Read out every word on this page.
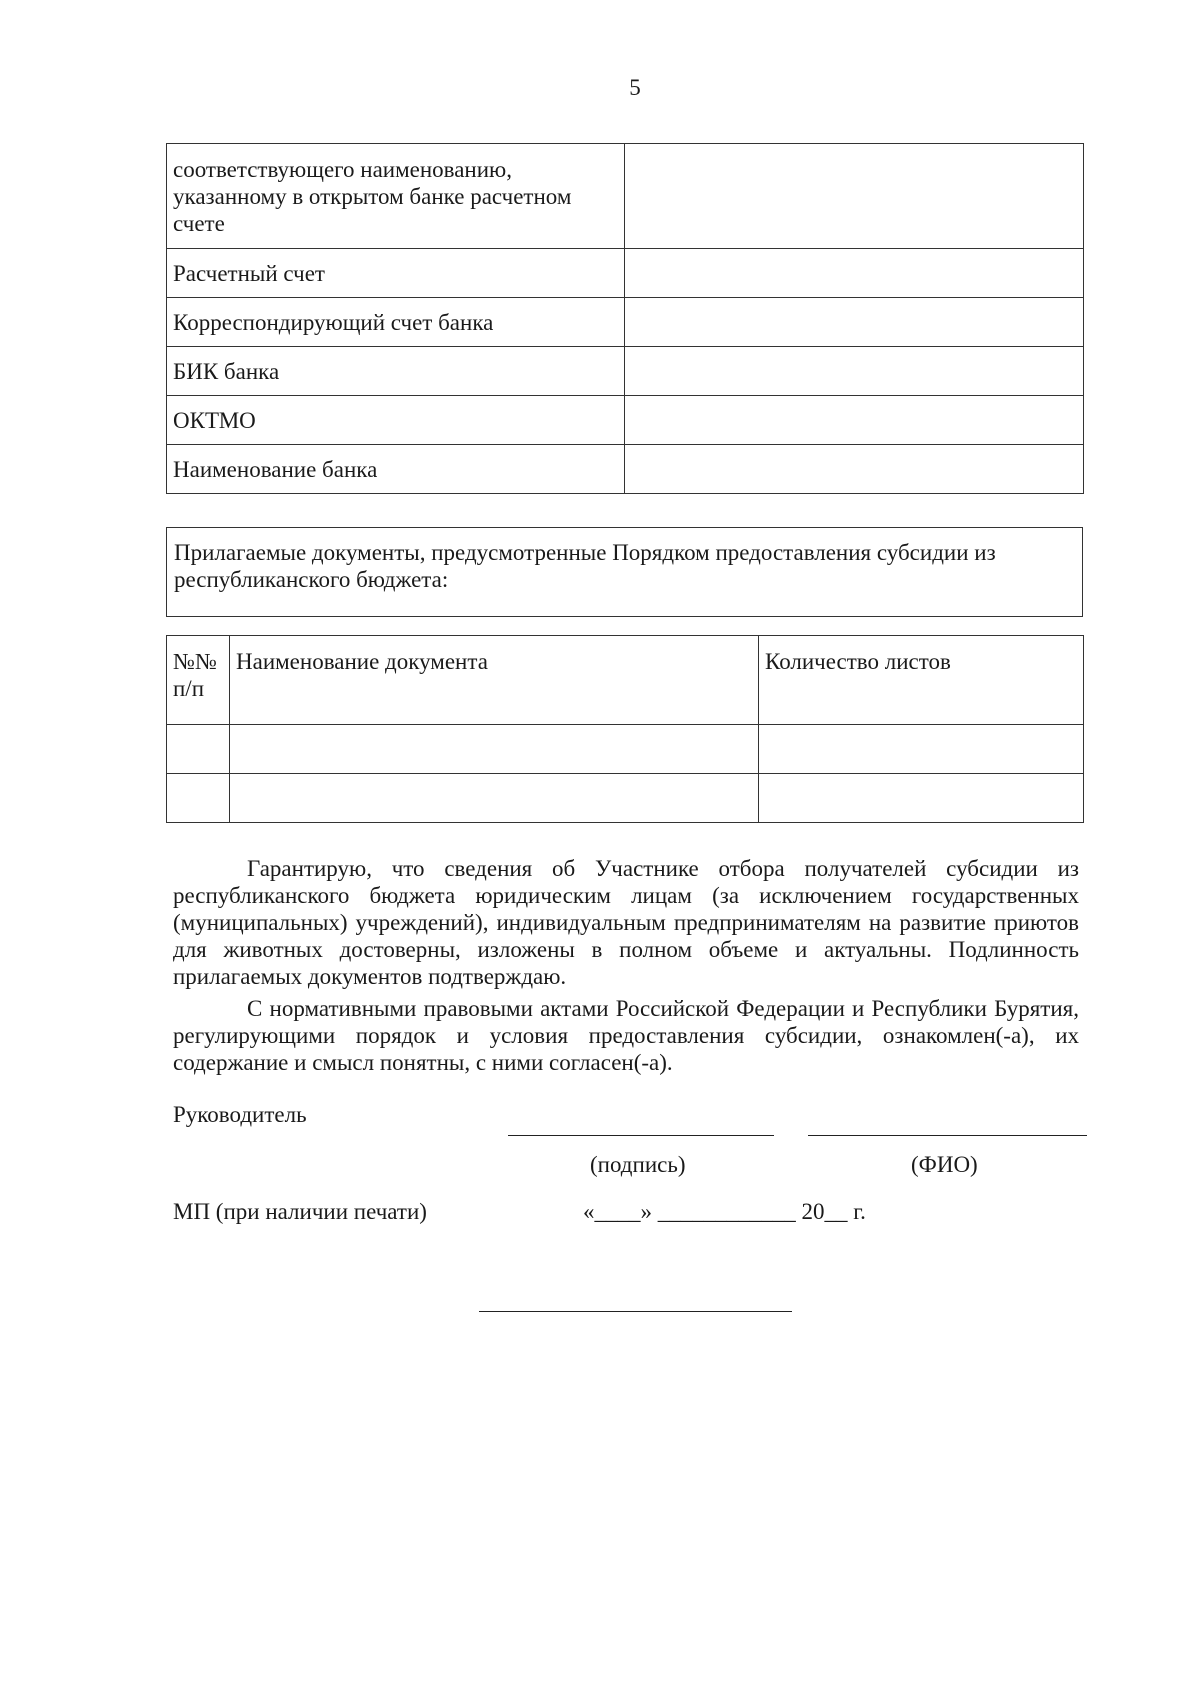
5
соответствующего наименованию, указанному в открытом банке расчетном счете	
Расчетный счет	
Корреспондирующий счет банка	
БИК банка	
ОКТМО	
Наименование банка	
Прилагаемые документы, предусмотренные Порядком предоставления субсидии из республиканского бюджета:
№№ п/п	Наименование документа	Количество листов

Гарантирую, что сведения об Участнике отбора получателей субсидии из республиканского бюджета юридическим лицам (за исключением государственных (муниципальных) учреждений), индивидуальным предпринимателям на развитие приютов для животных достоверны, изложены в полном объеме и актуальны. Подлинность прилагаемых документов подтверждаю.
С нормативными правовыми актами Российской Федерации и Республики Бурятия, регулирующими порядок и условия предоставления субсидии, ознакомлен(-а), их содержание и смысл понятны, с ними согласен(-а).
Руководитель
(подпись)	(ФИО)
МП (при наличии печати)	«____» ____________ 20__ г.
